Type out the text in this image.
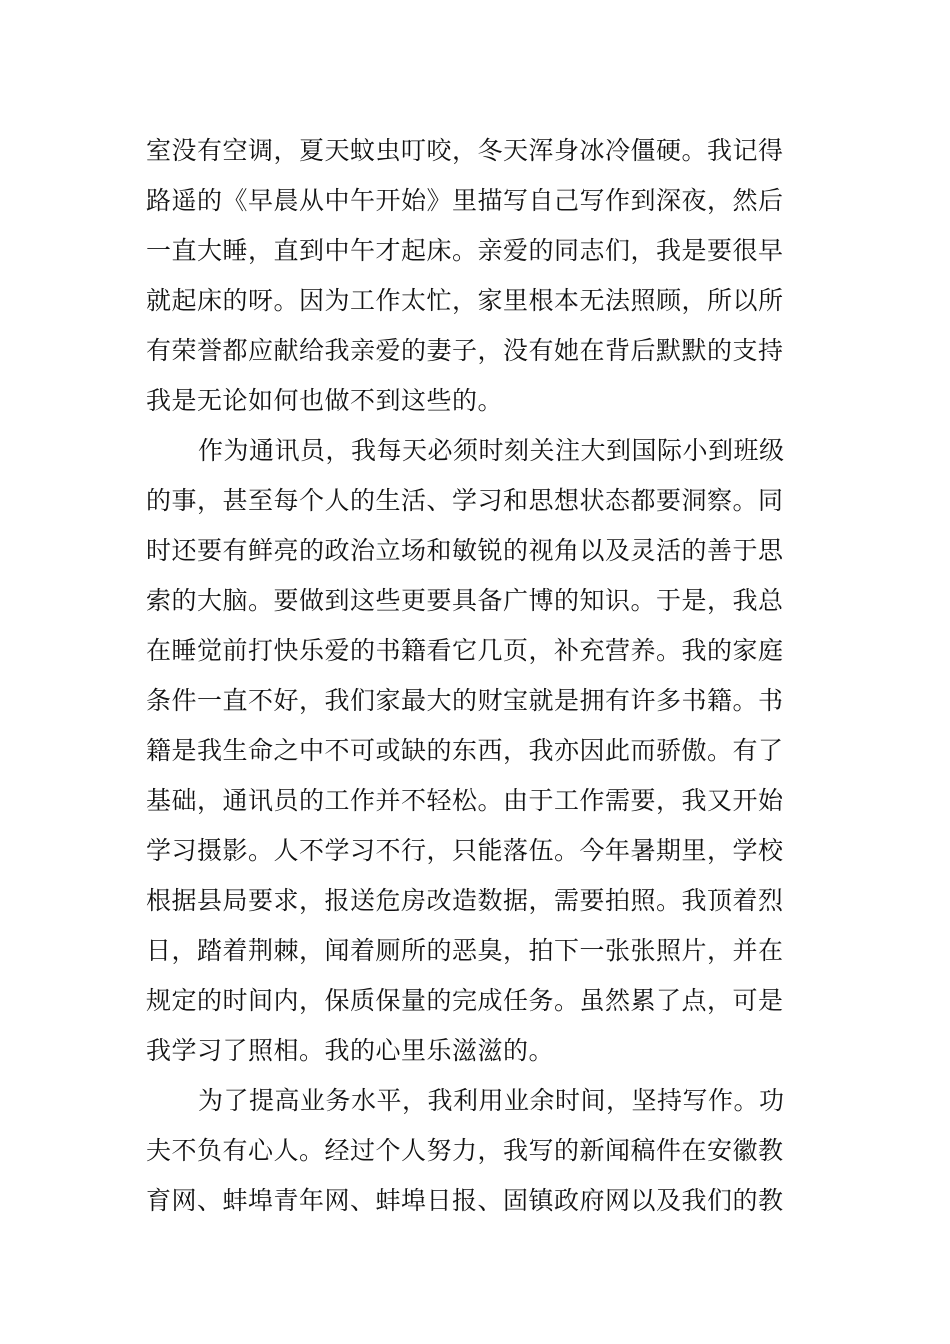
室没有空调，夏天蚊虫叮咬，冬天浑身冰冷僵硬。我记得
路遥的《早晨从中午开始》里描写自己写作到深夜，然后
一直大睡，直到中午才起床。亲爱的同志们，我是要很早
就起床的呀。因为工作太忙，家里根本无法照顾，所以所
有荣誉都应献给我亲爱的妻子，没有她在背后默默的支持
我是无论如何也做不到这些的。
作为通讯员，我每天必须时刻关注大到国际小到班级
的事，甚至每个人的生活、学习和思想状态都要洞察。同
时还要有鲜亮的政治立场和敏锐的视角以及灵活的善于思
索的大脑。要做到这些更要具备广博的知识。于是，我总
在睡觉前打快乐爱的书籍看它几页，补充营养。我的家庭
条件一直不好，我们家最大的财宝就是拥有许多书籍。书
籍是我生命之中不可或缺的东西，我亦因此而骄傲。有了
基础，通讯员的工作并不轻松。由于工作需要，我又开始
学习摄影。人不学习不行，只能落伍。今年暑期里，学校
根据县局要求，报送危房改造数据，需要拍照。我顶着烈
日，踏着荆棘，闻着厕所的恶臭，拍下一张张照片，并在
规定的时间内，保质保量的完成任务。虽然累了点，可是
我学习了照相。我的心里乐滋滋的。
为了提高业务水平，我利用业余时间，坚持写作。功
夫不负有心人。经过个人努力，我写的新闻稿件在安徽教
育网、蚌埠青年网、蚌埠日报、固镇政府网以及我们的教
